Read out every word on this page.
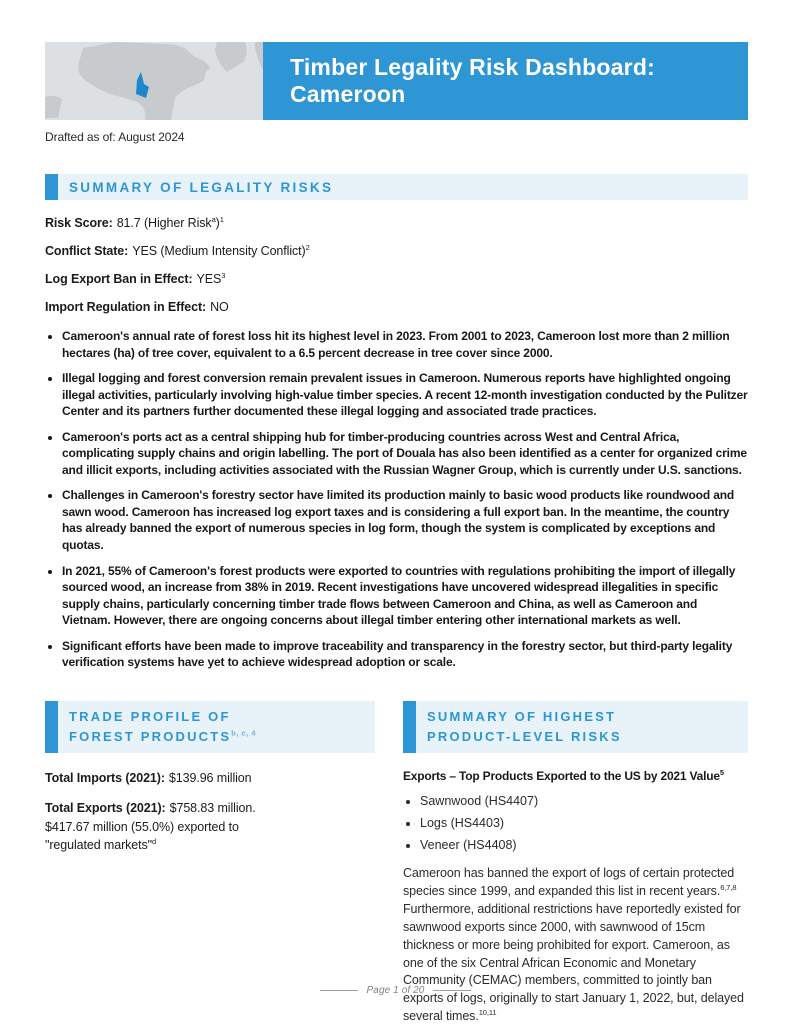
Timber Legality Risk Dashboard:
Cameroon
Drafted as of: August 2024
SUMMARY OF LEGALITY RISKS

Risk Score: 81.7 (Higher Risk$^a$)$^1$

Conflict State: YES (Medium Intensity Conflict)$^2$

Log Export Ban in Effect: YES$^3$

Import Regulation in Effect: NO

• Cameroon's annual rate of forest loss hit its highest level in 2023. From 2001 to 2023, Cameroon lost more than 2 million hectares (ha) of tree cover, equivalent to a 6.5 percent decrease in tree cover since 2000.
• Illegal logging and forest conversion remain prevalent issues in Cameroon. Numerous reports have highlighted ongoing illegal activities, particularly involving high-value timber species. A recent 12-month investigation conducted by the Pulitzer Center and its partners further documented these illegal logging and associated trade practices.
• Cameroon's ports act as a central shipping hub for timber-producing countries across West and Central Africa, complicating supply chains and origin labelling. The port of Douala has also been identified as a center for organized crime and illicit exports, including activities associated with the Russian Wagner Group, which is currently under U.S. sanctions.
• Challenges in Cameroon's forestry sector have limited its production mainly to basic wood products like roundwood and sawn wood. Cameroon has increased log export taxes and is considering a full export ban. In the meantime, the country has already banned the export of numerous species in log form, though the system is complicated by exceptions and quotas.
• In 2021, 55% of Cameroon's forest products were exported to countries with regulations prohibiting the import of illegally sourced wood, an increase from 38% in 2019. Recent investigations have uncovered widespread illegalities in specific supply chains, particularly concerning timber trade flows between Cameroon and China, as well as Cameroon and Vietnam. However, there are ongoing concerns about illegal timber entering other international markets as well.
• Significant efforts have been made to improve traceability and transparency in the forestry sector, but third-party legality verification systems have yet to achieve widespread adoption or scale.
TRADE PROFILE OF
FOREST PRODUCTS$^{b, c, 4}$

Total Imports (2021): $139.96 million

Total Exports (2021): $758.83 million. $417.67 million (55.0%) exported to "regulated markets"$^d$

SUMMARY OF HIGHEST
PRODUCT-LEVEL RISKS

Exports – Top Products Exported to the US by 2021 Value$^5$

• Sawnwood (HS4407)
• Logs (HS4403)
• Veneer (HS4408)

Cameroon has banned the export of logs of certain protected species since 1999, and expanded this list in recent years.$^{6,7,8}$ Furthermore, additional restrictions have reportedly existed for sawnwood exports since 2000, with sawnwood of 15cm thickness or more being prohibited for export. Cameroon, as one of the six Central African Economic and Monetary Community (CEMAC) members, committed to jointly ban exports of logs, originally to start January 1, 2022, but, delayed several times.$^{10,11}$

Page 1 of 20
